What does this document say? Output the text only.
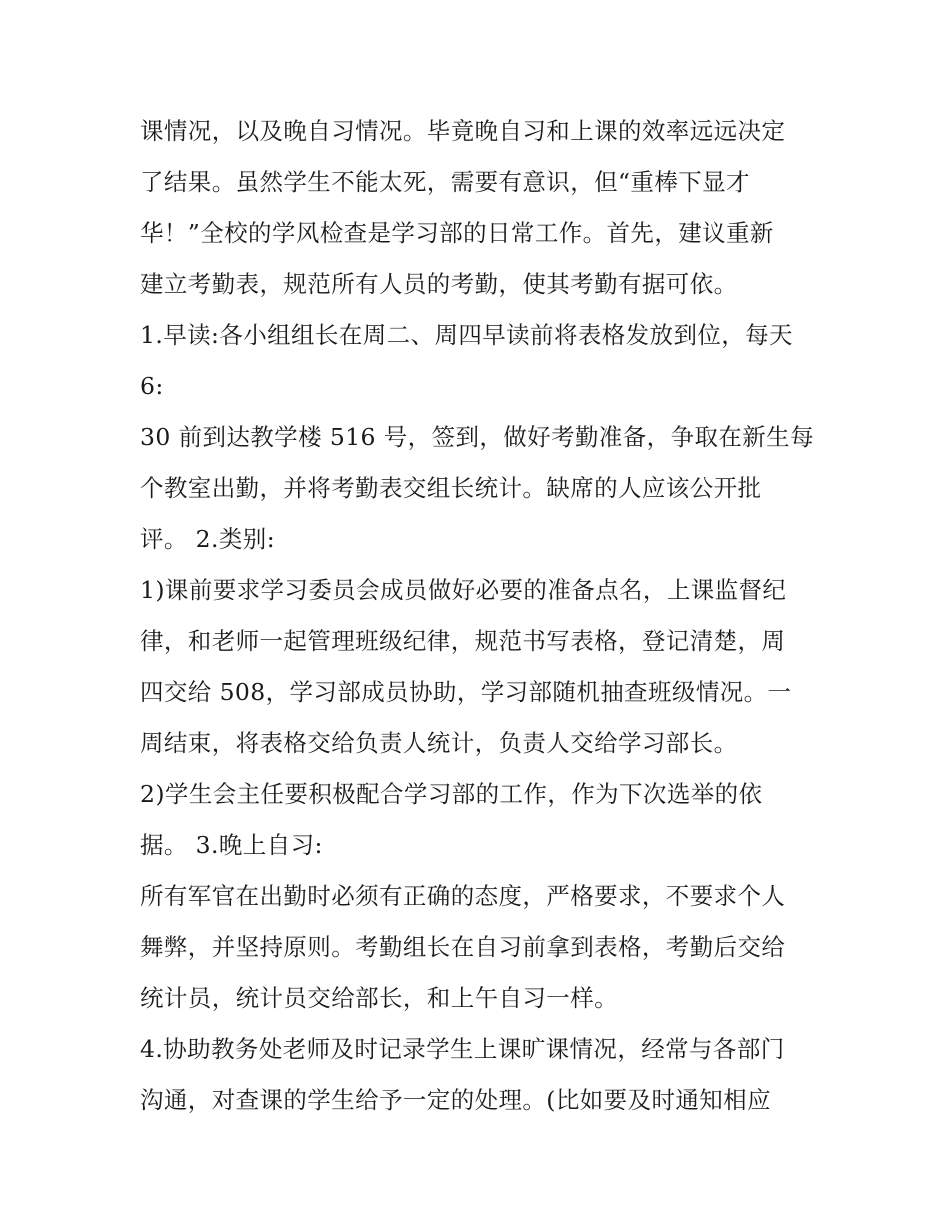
课情况，以及晚自习情况。毕竟晚自习和上课的效率远远决定
了结果。虽然学生不能太死，需要有意识，但“重棒下显才
华！”全校的学风检查是学习部的日常工作。首先，建议重新
建立考勤表，规范所有人员的考勤，使其考勤有据可依。
1.早读:各小组组长在周二、周四早读前将表格发放到位，每天
6:
30 前到达教学楼 516 号，签到，做好考勤准备，争取在新生每
个教室出勤，并将考勤表交组长统计。缺席的人应该公开批
评。 2.类别:
1)课前要求学习委员会成员做好必要的准备点名，上课监督纪
律，和老师一起管理班级纪律，规范书写表格，登记清楚，周
四交给 508，学习部成员协助，学习部随机抽查班级情况。一
周结束，将表格交给负责人统计，负责人交给学习部长。
2)学生会主任要积极配合学习部的工作，作为下次选举的依
据。 3.晚上自习:
所有军官在出勤时必须有正确的态度，严格要求，不要求个人
舞弊，并坚持原则。考勤组长在自习前拿到表格，考勤后交给
统计员，统计员交给部长，和上午自习一样。
4.协助教务处老师及时记录学生上课旷课情况，经常与各部门
沟通，对查课的学生给予一定的处理。(比如要及时通知相应
